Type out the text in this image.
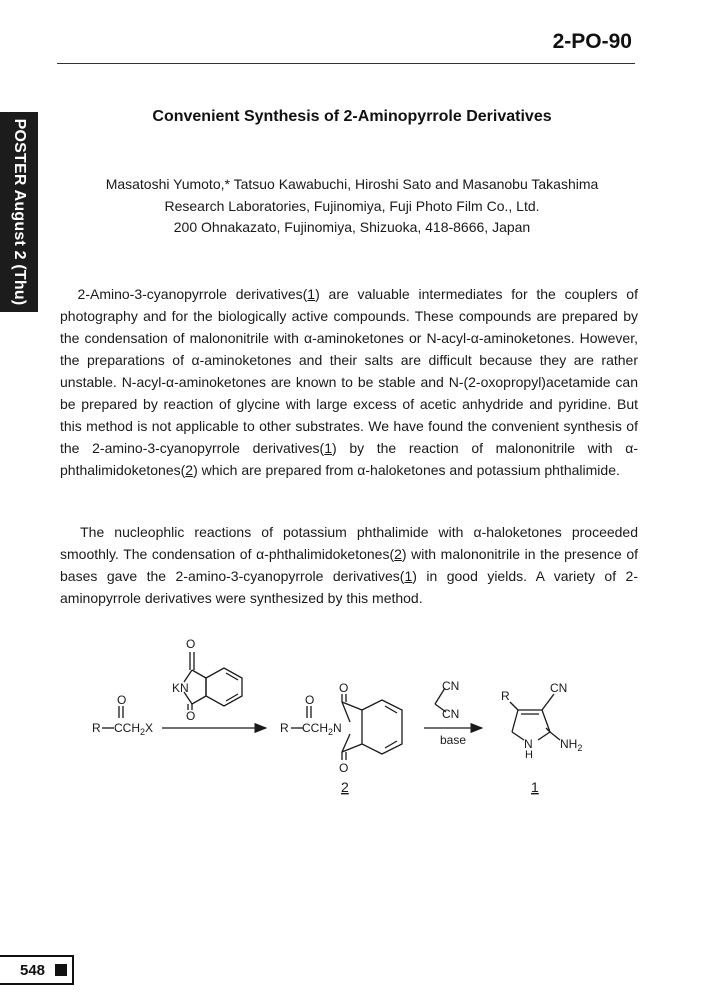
POSTER August 2 (Thu)
2-PO-90
Convenient Synthesis of 2-Aminopyrrole Derivatives
Masatoshi Yumoto,* Tatsuo Kawabuchi, Hiroshi Sato and Masanobu Takashima
Research Laboratories, Fujinomiya, Fuji Photo Film Co., Ltd.
200 Ohnakazato, Fujinomiya, Shizuoka, 418-8666, Japan

2-Amino-3-cyanopyrrole derivatives(1) are valuable intermediates for the couplers of photography and for the biologically active compounds. These compounds are prepared by the condensation of malononitrile with α-aminoketones or N-acyl-α-aminoketones. However, the preparations of α-aminoketones and their salts are difficult because they are rather unstable. N-acyl-α-aminoketones are known to be stable and N-(2-oxopropyl)acetamide can be prepared by reaction of glycine with large excess of acetic anhydride and pyridine. But this method is not applicable to other substrates. We have found the convenient synthesis of the 2-amino-3-cyanopyrrole derivatives(1) by the reaction of malononitrile with α-phthalimidoketones(2) which are prepared from α-haloketones and potassium phthalimide.

The nucleophlic reactions of potassium phthalimide with α-haloketones proceeded smoothly. The condensation of α-phthalimidoketones(2) with malononitrile in the presence of bases gave the 2-amino-3-cyanopyrrole derivatives(1) in good yields. A variety of 2-aminopyrrole derivatives were synthesized by this method.

O
KN
O
O
R $CCH_2X$
O
R $CCH_2N$
O
O
CN
CN
base
R
CN
N
H
$NH_2$
2	1
548
